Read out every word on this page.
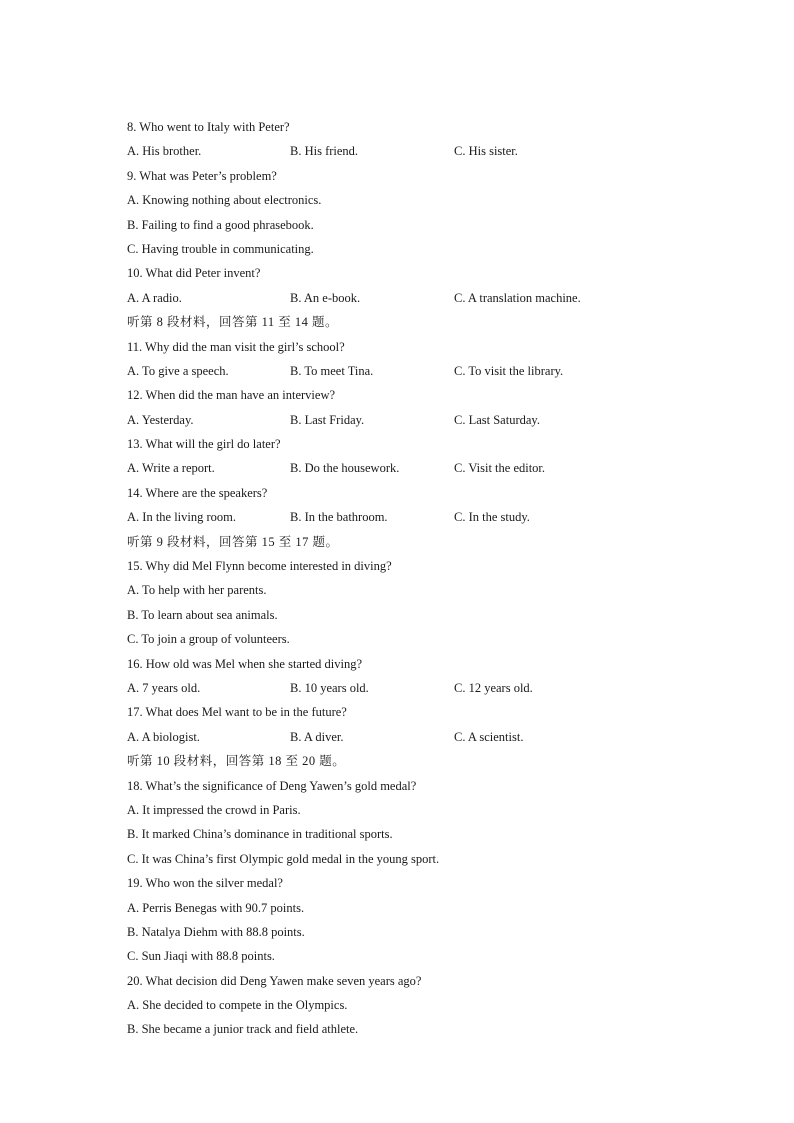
8. Who went to Italy with Peter?
A. His brother.	B. His friend.	C. His sister.
9. What was Peter’s problem?
A. Knowing nothing about electronics.
B. Failing to find a good phrasebook.
C. Having trouble in communicating.
10. What did Peter invent?
A. A radio.	B. An e-book.	C. A translation machine.
听第 8 段材料，回答第 11 至 14 题。
11. Why did the man visit the girl’s school?
A. To give a speech.	B. To meet Tina.	C. To visit the library.
12. When did the man have an interview?
A. Yesterday.	B. Last Friday.	C. Last Saturday.
13. What will the girl do later?
A. Write a report.	B. Do the housework.	C. Visit the editor.
14. Where are the speakers?
A. In the living room.	B. In the bathroom.	C. In the study.
听第 9 段材料，回答第 15 至 17 题。
15. Why did Mel Flynn become interested in diving?
A. To help with her parents.
B. To learn about sea animals.
C. To join a group of volunteers.
16. How old was Mel when she started diving?
A. 7 years old.	B. 10 years old.	C. 12 years old.
17. What does Mel want to be in the future?
A. A biologist.	B. A diver.	C. A scientist.
听第 10 段材料，回答第 18 至 20 题。
18. What’s the significance of Deng Yawen’s gold medal?
A. It impressed the crowd in Paris.
B. It marked China’s dominance in traditional sports.
C. It was China’s first Olympic gold medal in the young sport.
19. Who won the silver medal?
A. Perris Benegas with 90.7 points.
B. Natalya Diehm with 88.8 points.
C. Sun Jiaqi with 88.8 points.
20. What decision did Deng Yawen make seven years ago?
A. She decided to compete in the Olympics.
B. She became a junior track and field athlete.
